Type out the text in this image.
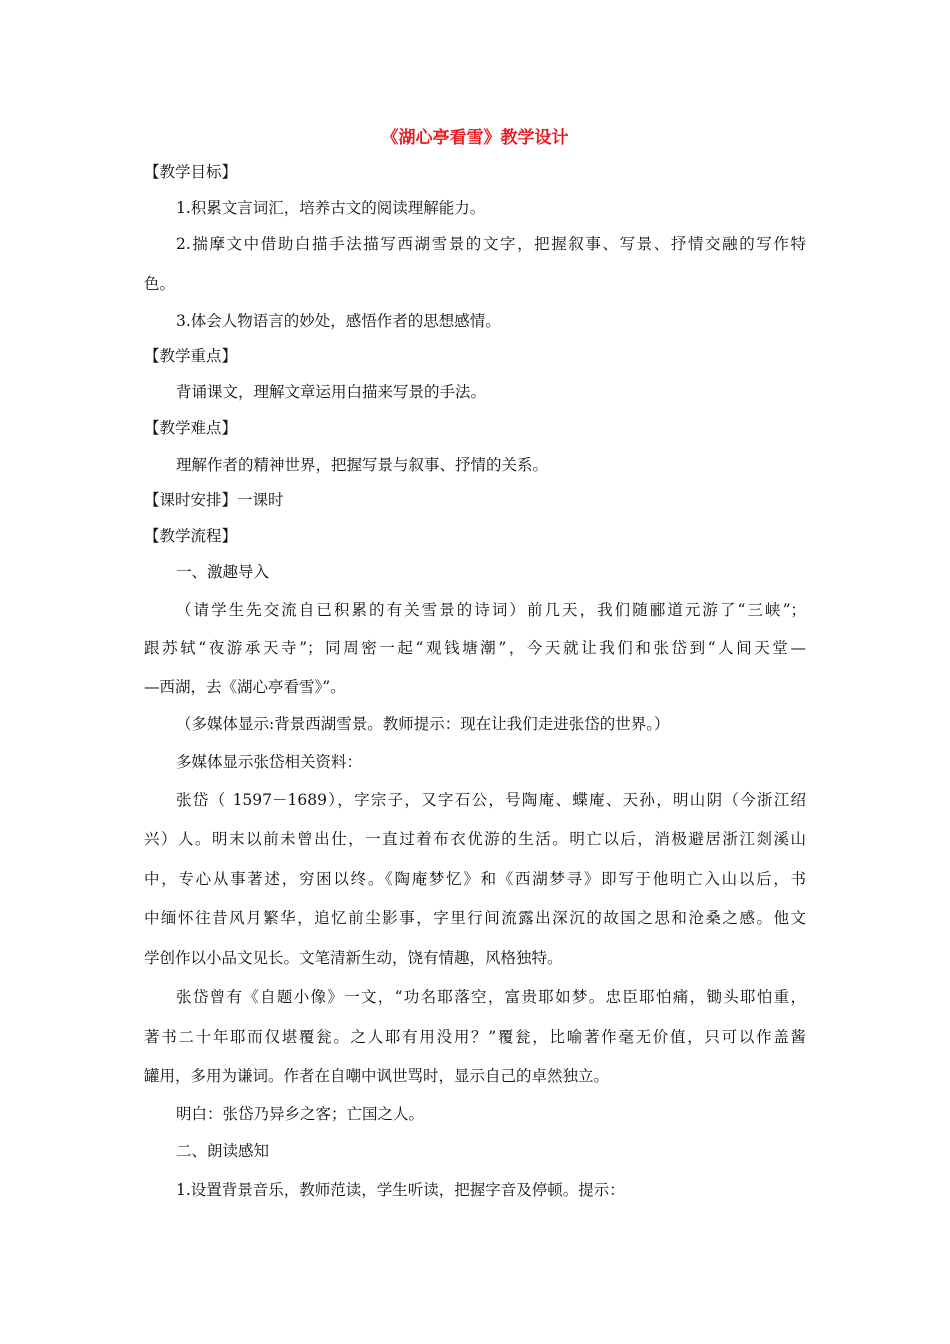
《湖心亭看雪》教学设计
【教学目标】
1.积累文言词汇，培养古文的阅读理解能力。
2.揣摩文中借助白描手法描写西湖雪景的文字，把握叙事、写景、抒情交融的写作特
色。
3.体会人物语言的妙处，感悟作者的思想感情。
【教学重点】
背诵课文，理解文章运用白描来写景的手法。
【教学难点】
理解作者的精神世界，把握写景与叙事、抒情的关系。
【课时安排】一课时
【教学流程】
一、激趣导入
（请学生先交流自已积累的有关雪景的诗词）前几天，我们随郦道元游了“三峡”；
跟苏轼“夜游承天寺”；同周密一起“观钱塘潮”，今天就让我们和张岱到“人间天堂—
—西湖，去《湖心亭看雪》”。
（多媒体显示:背景西湖雪景。教师提示：现在让我们走进张岱的世界。）
多媒体显示张岱相关资料：
张岱（ 1597－1689），字宗子，又字石公，号陶庵、蝶庵、天孙，明山阴（今浙江绍
兴）人。明末以前未曾出仕，一直过着布衣优游的生活。明亡以后，消极避居浙江剡溪山
中，专心从事著述，穷困以终。《陶庵梦忆》和《西湖梦寻》即写于他明亡入山以后，书
中缅怀往昔风月繁华，追忆前尘影事，字里行间流露出深沉的故国之思和沧桑之感。他文
学创作以小品文见长。文笔清新生动，饶有情趣，风格独特。
张岱曾有《自题小像》一文，“功名耶落空，富贵耶如梦。忠臣耶怕痛，锄头耶怕重，
著书二十年耶而仅堪覆瓮。之人耶有用没用？”覆瓮，比喻著作毫无价值，只可以作盖酱
罐用，多用为谦词。作者在自嘲中讽世骂时，显示自己的卓然独立。
明白：张岱乃异乡之客；亡国之人。
二、朗读感知
1.设置背景音乐，教师范读，学生听读，把握字音及停顿。提示：
